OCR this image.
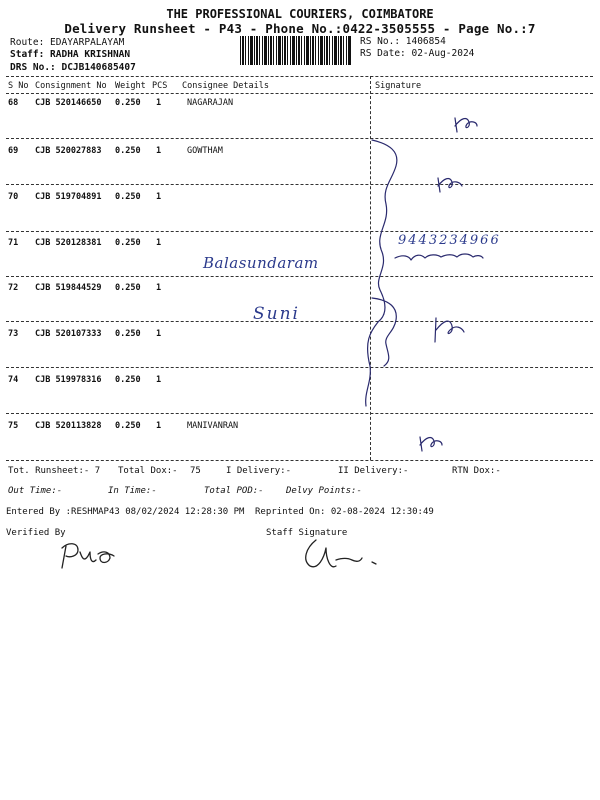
THE PROFESSIONAL COURIERS, COIMBATORE
Delivery Runsheet - P43 - Phone No.:0422-3505555 - Page No.:7
Route: EDAYARPALAYAM
Staff: RADHA KRISHNAN
DRS No.: DCJB140685407
RS No.: 1406854
RS Date: 02-Aug-2024
S No Consignment No Weight PCS Consignee Details	Signature
68 CJB 520146650 0.250 1	NAGARAJAN
69 CJB 520027883 0.250 1	GOWTHAM
70 CJB 519704891 0.250 1
71 CJB 520128381 0.250 1
72 CJB 519844529 0.250 1
73 CJB 520107333 0.250 1
74 CJB 519978316 0.250 1
75 CJB 520113828 0.250 1	MANIVANRAN
Balasundaram
9443234966
Suni
Tot. Runsheet:- 7 Total Dox:- 75	I Delivery:-	II Delivery:-	RTN Dox:-
Out Time:-	In Time:-	Total POD:- Delvy Points:-
Entered By :RESHMAP43 08/02/2024 12:28:30 PM Reprinted On: 02-08-2024 12:30:49
Verified By	Staff Signature
